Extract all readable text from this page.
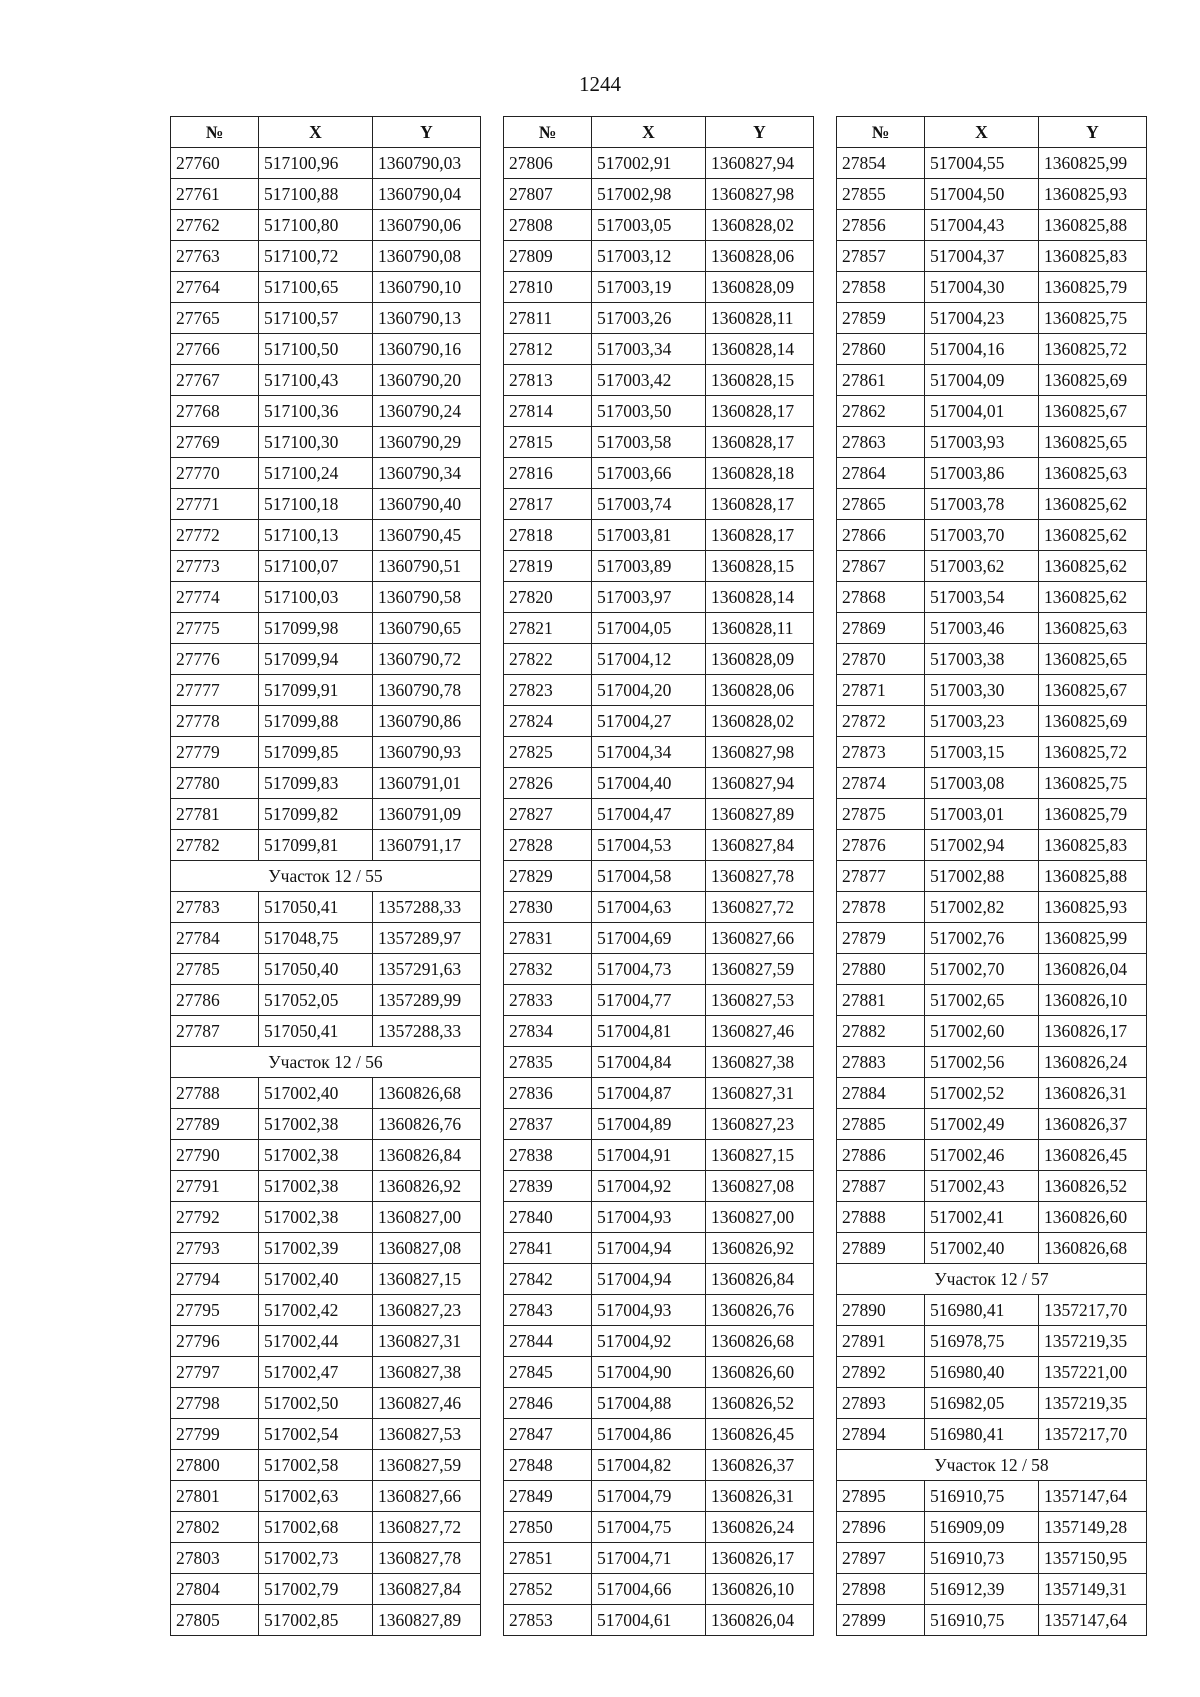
1244
№	X	Y
27760	517100,96	1360790,03
27761	517100,88	1360790,04
27762	517100,80	1360790,06
27763	517100,72	1360790,08
27764	517100,65	1360790,10
27765	517100,57	1360790,13
27766	517100,50	1360790,16
27767	517100,43	1360790,20
27768	517100,36	1360790,24
27769	517100,30	1360790,29
27770	517100,24	1360790,34
27771	517100,18	1360790,40
27772	517100,13	1360790,45
27773	517100,07	1360790,51
27774	517100,03	1360790,58
27775	517099,98	1360790,65
27776	517099,94	1360790,72
27777	517099,91	1360790,78
27778	517099,88	1360790,86
27779	517099,85	1360790,93
27780	517099,83	1360791,01
27781	517099,82	1360791,09
27782	517099,81	1360791,17
Участок 12 / 55		
27783	517050,41	1357288,33
27784	517048,75	1357289,97
27785	517050,40	1357291,63
27786	517052,05	1357289,99
27787	517050,41	1357288,33
Участок 12 / 56		
27788	517002,40	1360826,68
27789	517002,38	1360826,76
27790	517002,38	1360826,84
27791	517002,38	1360826,92
27792	517002,38	1360827,00
27793	517002,39	1360827,08
27794	517002,40	1360827,15
27795	517002,42	1360827,23
27796	517002,44	1360827,31
27797	517002,47	1360827,38
27798	517002,50	1360827,46
27799	517002,54	1360827,53
27800	517002,58	1360827,59
27801	517002,63	1360827,66
27802	517002,68	1360827,72
27803	517002,73	1360827,78
27804	517002,79	1360827,84
27805	517002,85	1360827,89
№	X	Y
27806	517002,91	1360827,94
27807	517002,98	1360827,98
27808	517003,05	1360828,02
27809	517003,12	1360828,06
27810	517003,19	1360828,09
27811	517003,26	1360828,11
27812	517003,34	1360828,14
27813	517003,42	1360828,15
27814	517003,50	1360828,17
27815	517003,58	1360828,17
27816	517003,66	1360828,18
27817	517003,74	1360828,17
27818	517003,81	1360828,17
27819	517003,89	1360828,15
27820	517003,97	1360828,14
27821	517004,05	1360828,11
27822	517004,12	1360828,09
27823	517004,20	1360828,06
27824	517004,27	1360828,02
27825	517004,34	1360827,98
27826	517004,40	1360827,94
27827	517004,47	1360827,89
27828	517004,53	1360827,84
27829	517004,58	1360827,78
27830	517004,63	1360827,72
27831	517004,69	1360827,66
27832	517004,73	1360827,59
27833	517004,77	1360827,53
27834	517004,81	1360827,46
27835	517004,84	1360827,38
27836	517004,87	1360827,31
27837	517004,89	1360827,23
27838	517004,91	1360827,15
27839	517004,92	1360827,08
27840	517004,93	1360827,00
27841	517004,94	1360826,92
27842	517004,94	1360826,84
27843	517004,93	1360826,76
27844	517004,92	1360826,68
27845	517004,90	1360826,60
27846	517004,88	1360826,52
27847	517004,86	1360826,45
27848	517004,82	1360826,37
27849	517004,79	1360826,31
27850	517004,75	1360826,24
27851	517004,71	1360826,17
27852	517004,66	1360826,10
27853	517004,61	1360826,04
№	X	Y
27854	517004,55	1360825,99
27855	517004,50	1360825,93
27856	517004,43	1360825,88
27857	517004,37	1360825,83
27858	517004,30	1360825,79
27859	517004,23	1360825,75
27860	517004,16	1360825,72
27861	517004,09	1360825,69
27862	517004,01	1360825,67
27863	517003,93	1360825,65
27864	517003,86	1360825,63
27865	517003,78	1360825,62
27866	517003,70	1360825,62
27867	517003,62	1360825,62
27868	517003,54	1360825,62
27869	517003,46	1360825,63
27870	517003,38	1360825,65
27871	517003,30	1360825,67
27872	517003,23	1360825,69
27873	517003,15	1360825,72
27874	517003,08	1360825,75
27875	517003,01	1360825,79
27876	517002,94	1360825,83
27877	517002,88	1360825,88
27878	517002,82	1360825,93
27879	517002,76	1360825,99
27880	517002,70	1360826,04
27881	517002,65	1360826,10
27882	517002,60	1360826,17
27883	517002,56	1360826,24
27884	517002,52	1360826,31
27885	517002,49	1360826,37
27886	517002,46	1360826,45
27887	517002,43	1360826,52
27888	517002,41	1360826,60
27889	517002,40	1360826,68
Участок 12 / 57		
27890	516980,41	1357217,70
27891	516978,75	1357219,35
27892	516980,40	1357221,00
27893	516982,05	1357219,35
27894	516980,41	1357217,70
Участок 12 / 58		
27895	516910,75	1357147,64
27896	516909,09	1357149,28
27897	516910,73	1357150,95
27898	516912,39	1357149,31
27899	516910,75	1357147,64
